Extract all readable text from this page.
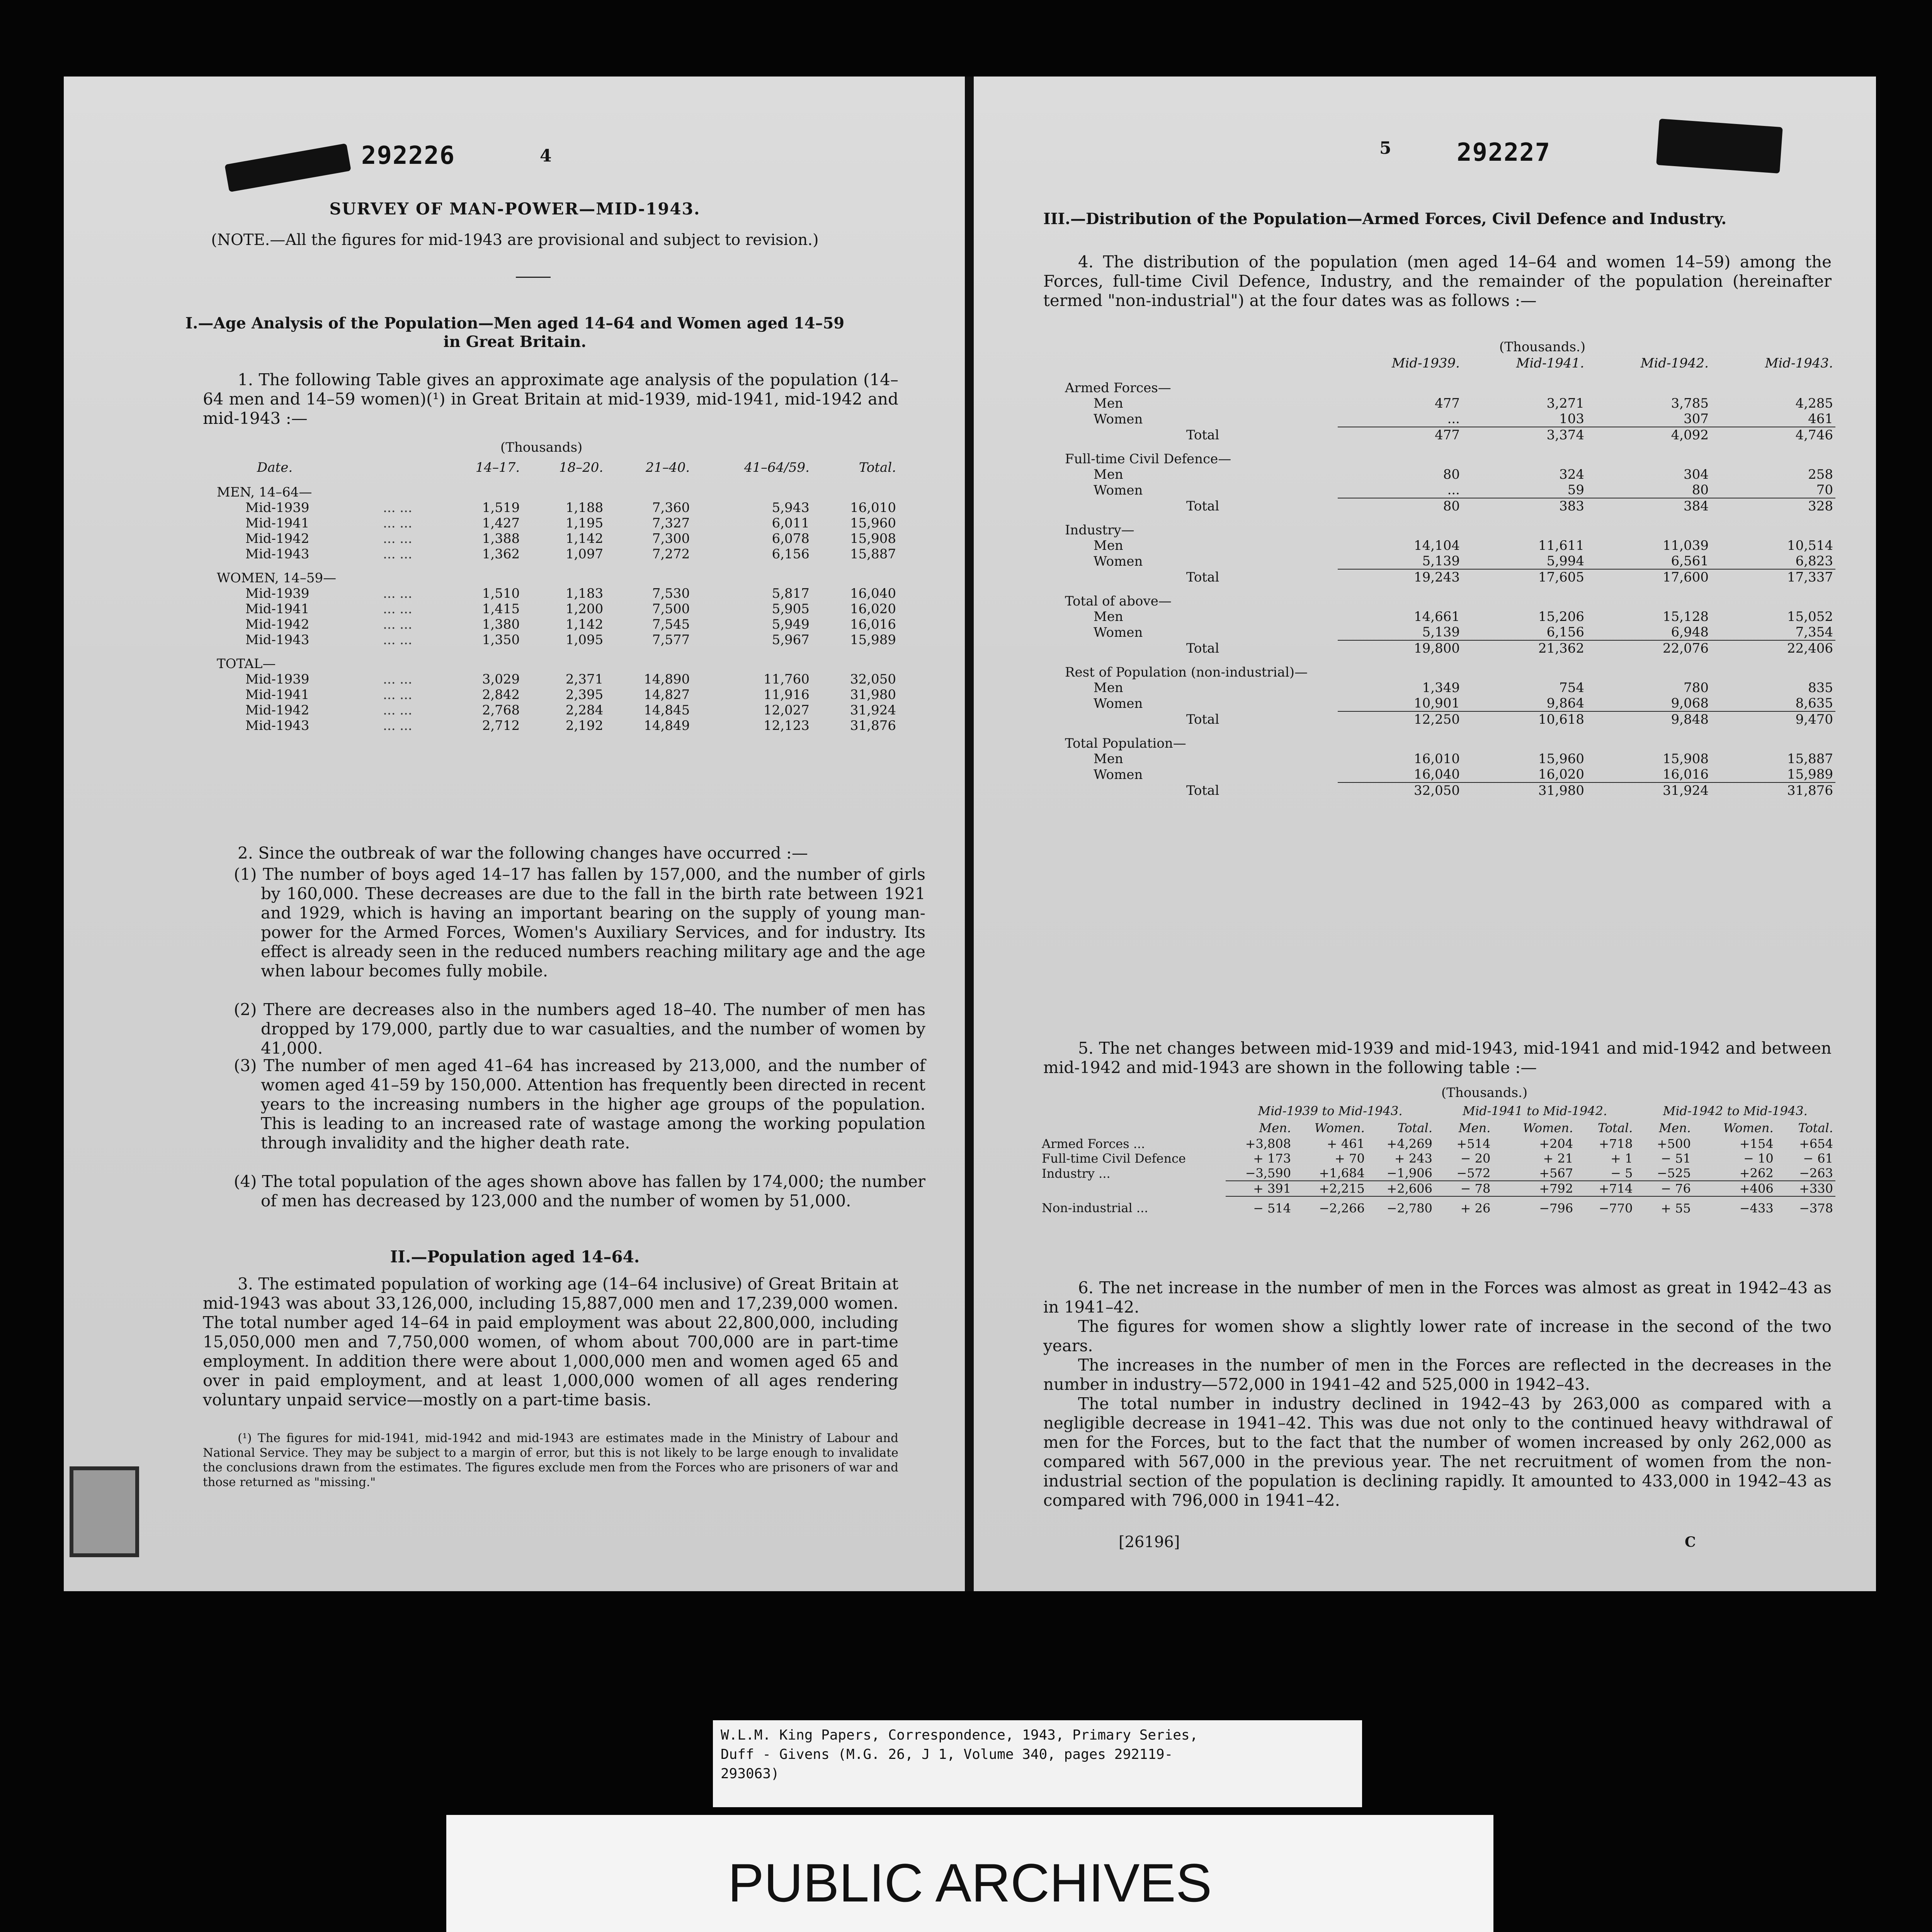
292226	4
SURVEY OF MAN-POWER—MID-1943.
(NOTE.—All the figures for mid-1943 are provisional and subject to revision.)
I.—Age Analysis of the Population—Men aged 14–64 and Women aged 14–59
in Great Britain.
1. The following Table gives an approximate age analysis of the population (14–64 men and 14–59 women)(¹) in Great Britain at mid-1939, mid-1941, mid-1942 and mid-1943 :—
(Thousands)
Date.		14–17.	18–20.	21–40.	41–64/59.	Total.
MEN, 14–64—						
Mid-1939	... ...	1,519	1,188	7,360	5,943	16,010
Mid-1941	... ...	1,427	1,195	7,327	6,011	15,960
Mid-1942	... ...	1,388	1,142	7,300	6,078	15,908
Mid-1943	... ...	1,362	1,097	7,272	6,156	15,887
WOMEN, 14–59—						
Mid-1939	... ...	1,510	1,183	7,530	5,817	16,040
Mid-1941	... ...	1,415	1,200	7,500	5,905	16,020
Mid-1942	... ...	1,380	1,142	7,545	5,949	16,016
Mid-1943	... ...	1,350	1,095	7,577	5,967	15,989
TOTAL—						
Mid-1939	... ...	3,029	2,371	14,890	11,760	32,050
Mid-1941	... ...	2,842	2,395	14,827	11,916	31,980
Mid-1942	... ...	2,768	2,284	14,845	12,027	31,924
Mid-1943	... ...	2,712	2,192	14,849	12,123	31,876
2. Since the outbreak of war the following changes have occurred :—
(1) The number of boys aged 14–17 has fallen by 157,000, and the number of girls by 160,000. These decreases are due to the fall in the birth rate between 1921 and 1929, which is having an important bearing on the supply of young man-power for the Armed Forces, Women's Auxiliary Services, and for industry. Its effect is already seen in the reduced numbers reaching military age and the age when labour becomes fully mobile.
(2) There are decreases also in the numbers aged 18–40. The number of men has dropped by 179,000, partly due to war casualties, and the number of women by 41,000.
(3) The number of men aged 41–64 has increased by 213,000, and the number of women aged 41–59 by 150,000. Attention has frequently been directed in recent years to the increasing numbers in the higher age groups of the population. This is leading to an increased rate of wastage among the working population through invalidity and the higher death rate.
(4) The total population of the ages shown above has fallen by 174,000; the number of men has decreased by 123,000 and the number of women by 51,000.
II.—Population aged 14–64.
3. The estimated population of working age (14–64 inclusive) of Great Britain at mid-1943 was about 33,126,000, including 15,887,000 men and 17,239,000 women. The total number aged 14–64 in paid employment was about 22,800,000, including 15,050,000 men and 7,750,000 women, of whom about 700,000 are in part-time employment. In addition there were about 1,000,000 men and women aged 65 and over in paid employment, and at least 1,000,000 women of all ages rendering voluntary unpaid service—mostly on a part-time basis.
(¹) The figures for mid-1941, mid-1942 and mid-1943 are estimates made in the Ministry of Labour and National Service. They may be subject to a margin of error, but this is not likely to be large enough to invalidate the conclusions drawn from the estimates. The figures exclude men from the Forces who are prisoners of war and those returned as "missing."
5	292227
III.—Distribution of the Population—Armed Forces, Civil Defence and Industry.
4. The distribution of the population (men aged 14–64 and women 14–59) among the Forces, full-time Civil Defence, Industry, and the remainder of the population (hereinafter termed "non-industrial") at the four dates was as follows :—
(Thousands.)
	Mid-1939.	Mid-1941.	Mid-1942.	Mid-1943.
Armed Forces—				
Men	477	3,271	3,785	4,285
Women	...	103	307	461
Total	477	3,374	4,092	4,746
Full-time Civil Defence—				
Men	80	324	304	258
Women	...	59	80	70
Total	80	383	384	328
Industry—				
Men	14,104	11,611	11,039	10,514
Women	5,139	5,994	6,561	6,823
Total	19,243	17,605	17,600	17,337
Total of above—				
Men	14,661	15,206	15,128	15,052
Women	5,139	6,156	6,948	7,354
Total	19,800	21,362	22,076	22,406
Rest of Population (non-industrial)—				
Men	1,349	754	780	835
Women	10,901	9,864	9,068	8,635
Total	12,250	10,618	9,848	9,470
Total Population—				
Men	16,010	15,960	15,908	15,887
Women	16,040	16,020	16,016	15,989
Total	32,050	31,980	31,924	31,876
5. The net changes between mid-1939 and mid-1943, mid-1941 and mid-1942 and between mid-1942 and mid-1943 are shown in the following table :—
(Thousands.)
	Mid-1939 to Mid-1943.			Mid-1941 to Mid-1942.			Mid-1942 to Mid-1943.		
	Men.	Women.	Total.	Men.	Women.	Total.	Men.	Women.	Total.
Armed Forces ...	+3,808	+ 461	+4,269	+514	+204	+718	+500	+154	+654
Full-time Civil Defence	+ 173	+ 70	+ 243	− 20	+ 21	+ 1	− 51	− 10	− 61
Industry ...	−3,590	+1,684	−1,906	−572	+567	− 5	−525	+262	−263
	+ 391	+2,215	+2,606	− 78	+792	+714	− 76	+406	+330
Non-industrial ...	− 514	−2,266	−2,780	+ 26	−796	−770	+ 55	−433	−378
6. The net increase in the number of men in the Forces was almost as great in 1942–43 as in 1941–42.
The figures for women show a slightly lower rate of increase in the second of the two years.
The increases in the number of men in the Forces are reflected in the decreases in the number in industry—572,000 in 1941–42 and 525,000 in 1942–43.
The total number in industry declined in 1942–43 by 263,000 as compared with a negligible decrease in 1941–42. This was due not only to the continued heavy withdrawal of men for the Forces, but to the fact that the number of women increased by only 262,000 as compared with 567,000 in the previous year. The net recruitment of women from the non-industrial section of the population is declining rapidly. It amounted to 433,000 in 1942–43 as compared with 796,000 in 1941–42.
[26196]	C
W.L.M. King Papers, Correspondence, 1943, Primary Series,
Duff - Givens (M.G. 26, J 1, Volume 340, pages 292119-
293063)
PUBLIC ARCHIVES
